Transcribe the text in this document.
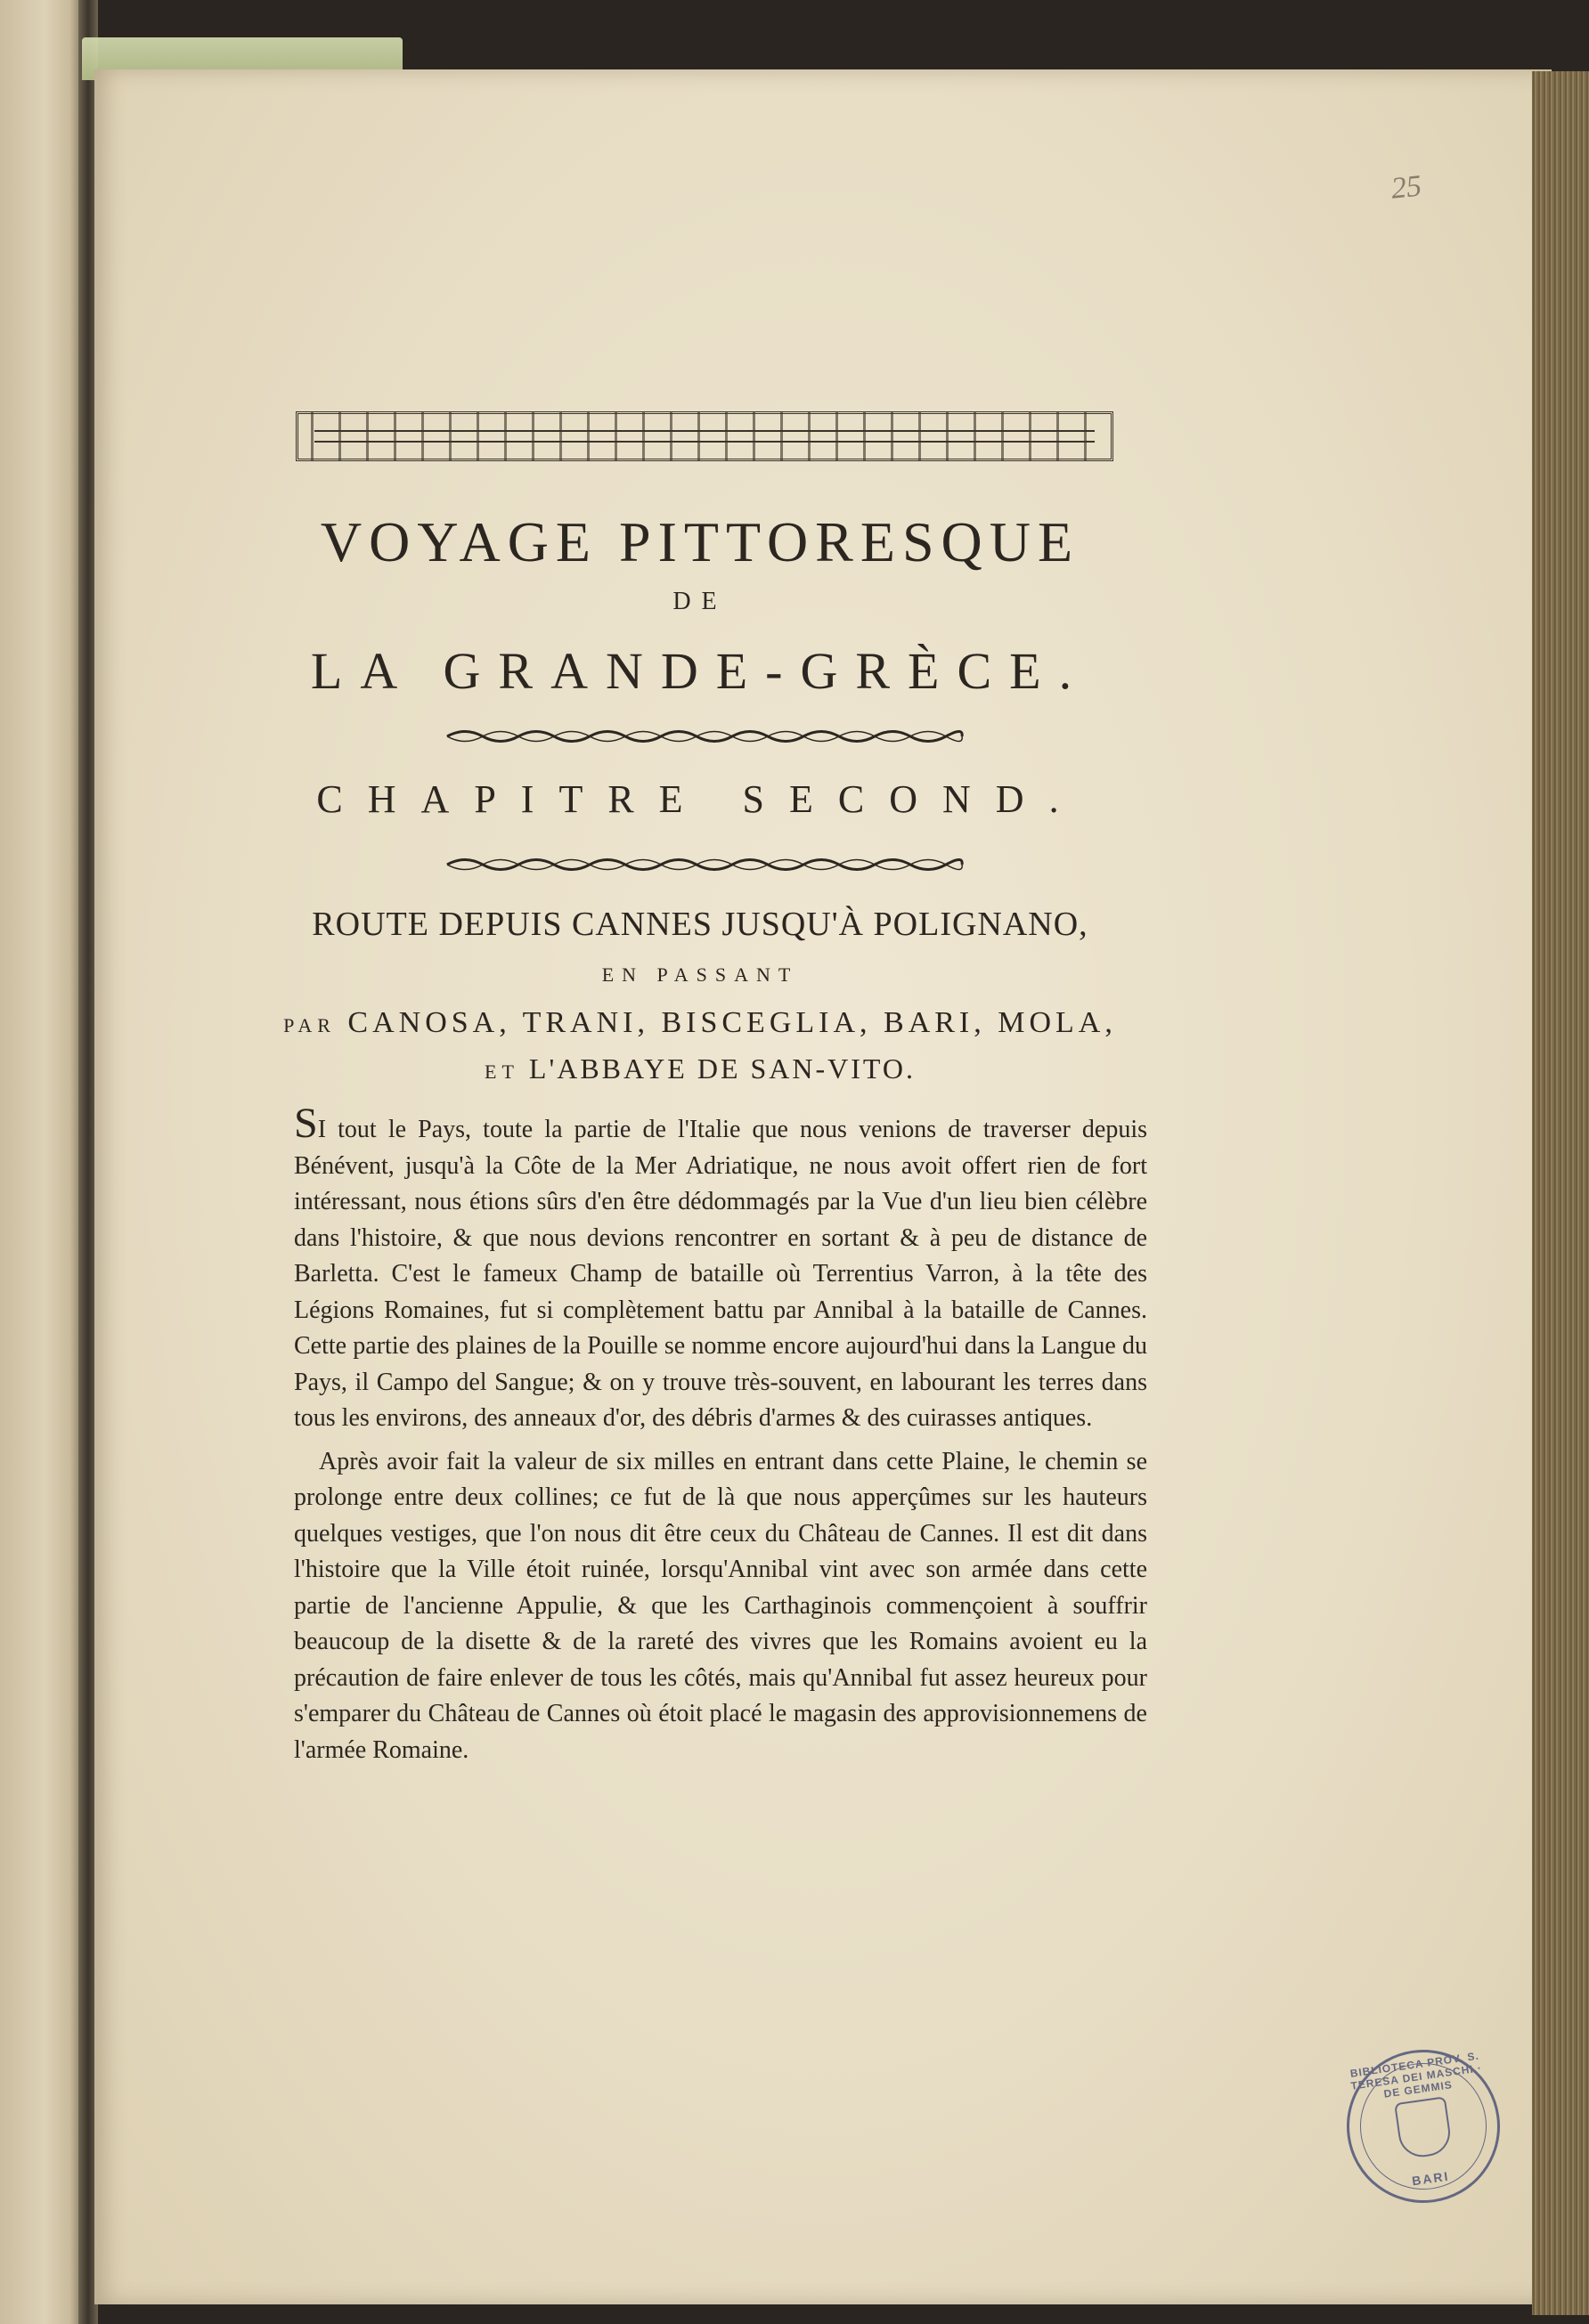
25
VOYAGE PITTORESQUE
DE
LA GRANDE-GRÈCE.
CHAPITRE SECOND.
ROUTE DEPUIS CANNES JUSQU'À POLIGNANO,
EN PASSANT
PAR CANOSA, TRANI, BISCEGLIA, BARI, MOLA,
ET L'ABBAYE DE SAN-VITO.

SI tout le Pays, toute la partie de l'Italie que nous venions de traverser depuis Bénévent, jusqu'à la Côte de la Mer Adriatique, ne nous avoit offert rien de fort intéressant, nous étions sûrs d'en être dédommagés par la Vue d'un lieu bien célèbre dans l'histoire, & que nous devions rencontrer en sortant & à peu de distance de Barletta. C'est le fameux Champ de bataille où Terrentius Varron, à la tête des Légions Romaines, fut si complètement battu par Annibal à la bataille de Cannes. Cette partie des plaines de la Pouille se nomme encore aujourd'hui dans la Langue du Pays, il Campo del Sangue; & on y trouve très-souvent, en labourant les terres dans tous les environs, des anneaux d'or, des débris d'armes & des cuirasses antiques.

Après avoir fait la valeur de six milles en entrant dans cette Plaine, le chemin se prolonge entre deux collines; ce fut de là que nous apperçûmes sur les hauteurs quelques vestiges, que l'on nous dit être ceux du Château de Cannes. Il est dit dans l'histoire que la Ville étoit ruinée, lorsqu'Annibal vint avec son armée dans cette partie de l'ancienne Appulie, & que les Carthaginois commençoient à souffrir beaucoup de la disette & de la rareté des vivres que les Romains avoient eu la précaution de faire enlever de tous les côtés, mais qu'Annibal fut assez heureux pour s'emparer du Château de Cannes où étoit placé le magasin des approvisionnemens de l'armée Romaine.

BIBLIOTECA PROV. S. TERESA DEI MASCHI · DE GEMMIS
BARI
